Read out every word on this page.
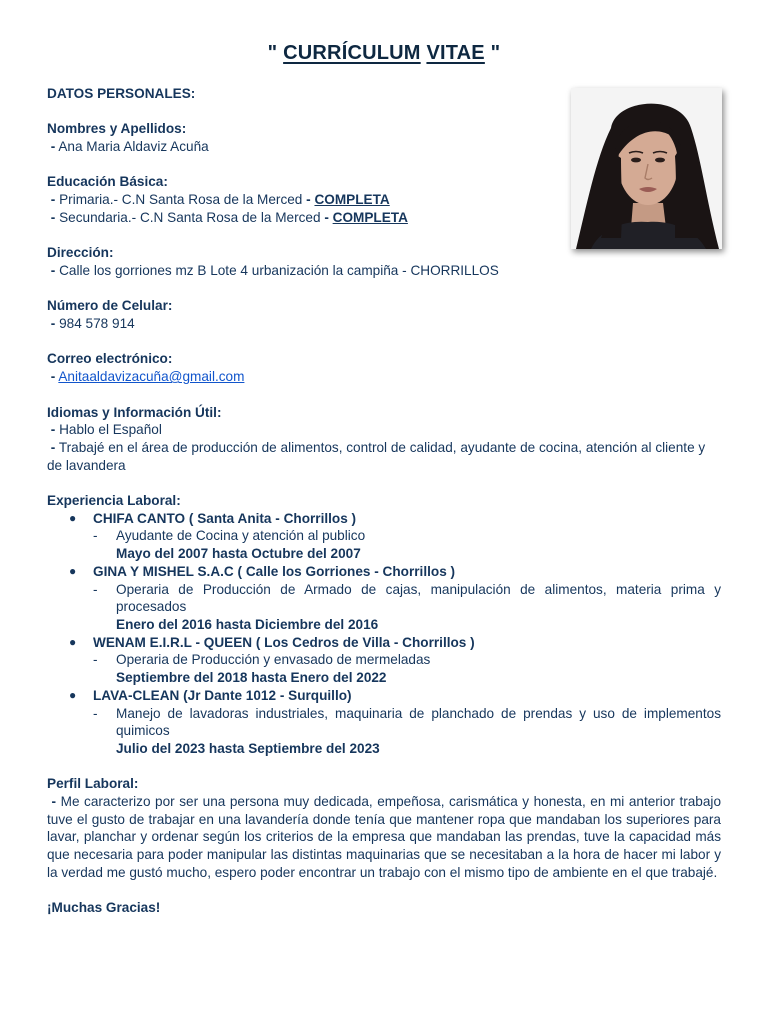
" CURRÍCULUM VITAE "
DATOS PERSONALES:
Nombres y Apellidos:
- Ana Maria Aldaviz Acuña
Educación Básica:
- Primaria.- C.N Santa Rosa de la Merced - COMPLETA
- Secundaria.- C.N Santa Rosa de la Merced - COMPLETA
Dirección:
- Calle los gorriones mz B Lote 4 urbanización la campiña - CHORRILLOS
Número de Celular:
- 984 578 914
Correo electrónico:
- Anitaaldavizacuña@gmail.com
Idiomas y Información Útil:
- Hablo el Español
- Trabajé en el área de producción de alimentos, control de calidad, ayudante de cocina, atención al cliente y de lavandera
Experiencia Laboral:
● CHIFA CANTO ( Santa Anita - Chorrillos )
- Ayudante de Cocina y atención al publico
Mayo del 2007 hasta Octubre del 2007
● GINA Y MISHEL S.A.C ( Calle los Gorriones - Chorrillos )
- Operaria de Producción de Armado de cajas, manipulación de alimentos, materia prima y procesados
Enero del 2016 hasta Diciembre del 2016
● WENAM E.I.R.L - QUEEN ( Los Cedros de Villa - Chorrillos )
- Operaria de Producción y envasado de mermeladas
Septiembre del 2018 hasta Enero del 2022
● LAVA-CLEAN (Jr Dante 1012 - Surquillo)
- Manejo de lavadoras industriales, maquinaria de planchado de prendas y uso de implementos quimicos
Julio del 2023 hasta Septiembre del 2023
Perfil Laboral:
- Me caracterizo por ser una persona muy dedicada, empeñosa, carismática y honesta, en mi anterior trabajo tuve el gusto de trabajar en una lavandería donde tenía que mantener ropa que mandaban los superiores para lavar, planchar y ordenar según los criterios de la empresa que mandaban las prendas, tuve la capacidad más que necesaria para poder manipular las distintas maquinarias que se necesitaban a la hora de hacer mi labor y la verdad me gustó mucho, espero poder encontrar un trabajo con el mismo tipo de ambiente en el que trabajé.
¡Muchas Gracias!
